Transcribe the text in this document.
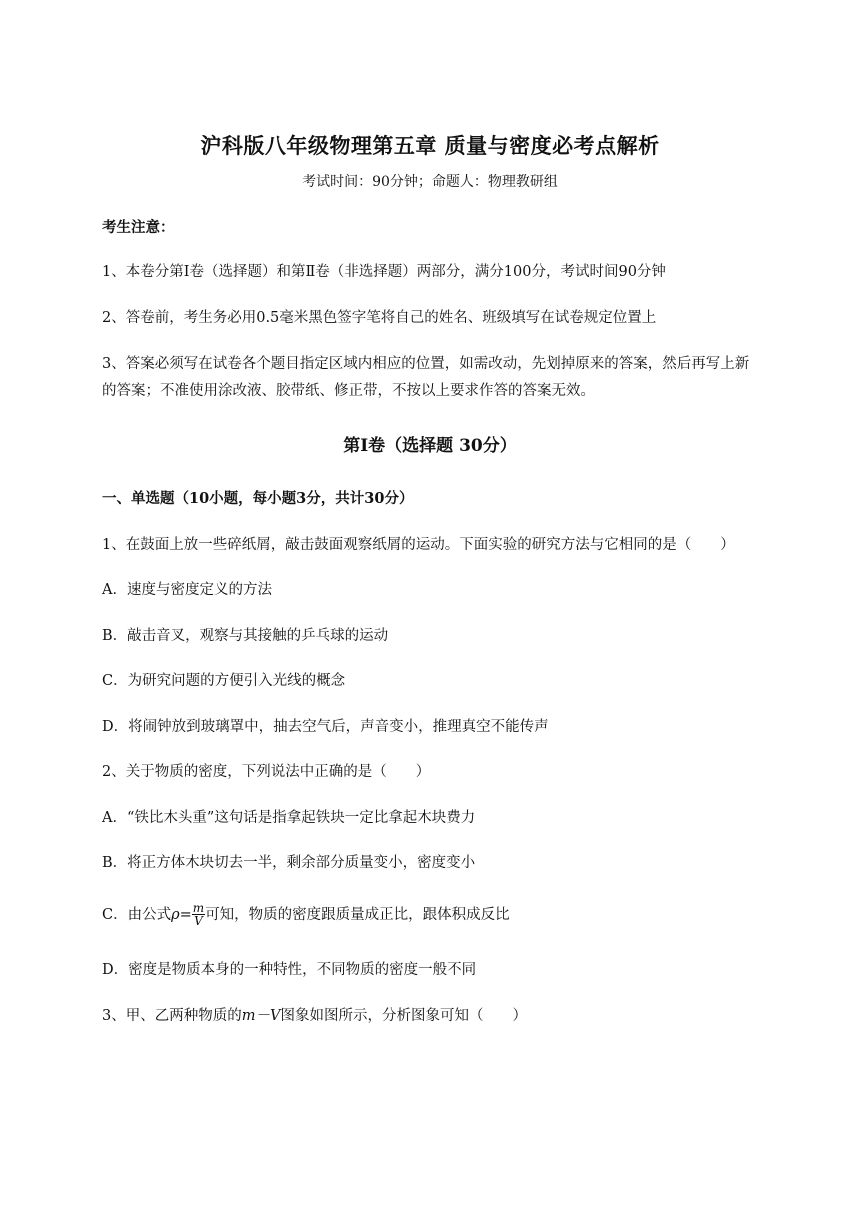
沪科版八年级物理第五章 质量与密度必考点解析
考试时间：90分钟；命题人：物理教研组
考生注意：
1、本卷分第Ⅰ卷（选择题）和第Ⅱ卷（非选择题）两部分，满分100分，考试时间90分钟
2、答卷前，考生务必用0.5毫米黑色签字笔将自己的姓名、班级填写在试卷规定位置上
3、答案必须写在试卷各个题目指定区域内相应的位置，如需改动，先划掉原来的答案，然后再写上新
的答案；不准使用涂改液、胶带纸、修正带，不按以上要求作答的答案无效。
第Ⅰ卷（选择题 30分）
一、单选题（10小题，每小题3分，共计30分）
1、在鼓面上放一些碎纸屑，敲击鼓面观察纸屑的运动。下面实验的研究方法与它相同的是（　　）
A．速度与密度定义的方法
B．敲击音叉，观察与其接触的乒乓球的运动
C．为研究问题的方便引入光线的概念
D．将闹钟放到玻璃罩中，抽去空气后，声音变小，推理真空不能传声
2、关于物质的密度，下列说法中正确的是（　　）
A．“铁比木头重”这句话是指拿起铁块一定比拿起木块费力
B．将正方体木块切去一半，剩余部分质量变小，密度变小
C．由公式$\rho= \frac{m}{V}$ 可知，物质的密度跟质量成正比，跟体积成反比
D．密度是物质本身的一种特性，不同物质的密度一般不同
3、甲、乙两种物质的m－V图象如图所示，分析图象可知（　　）
